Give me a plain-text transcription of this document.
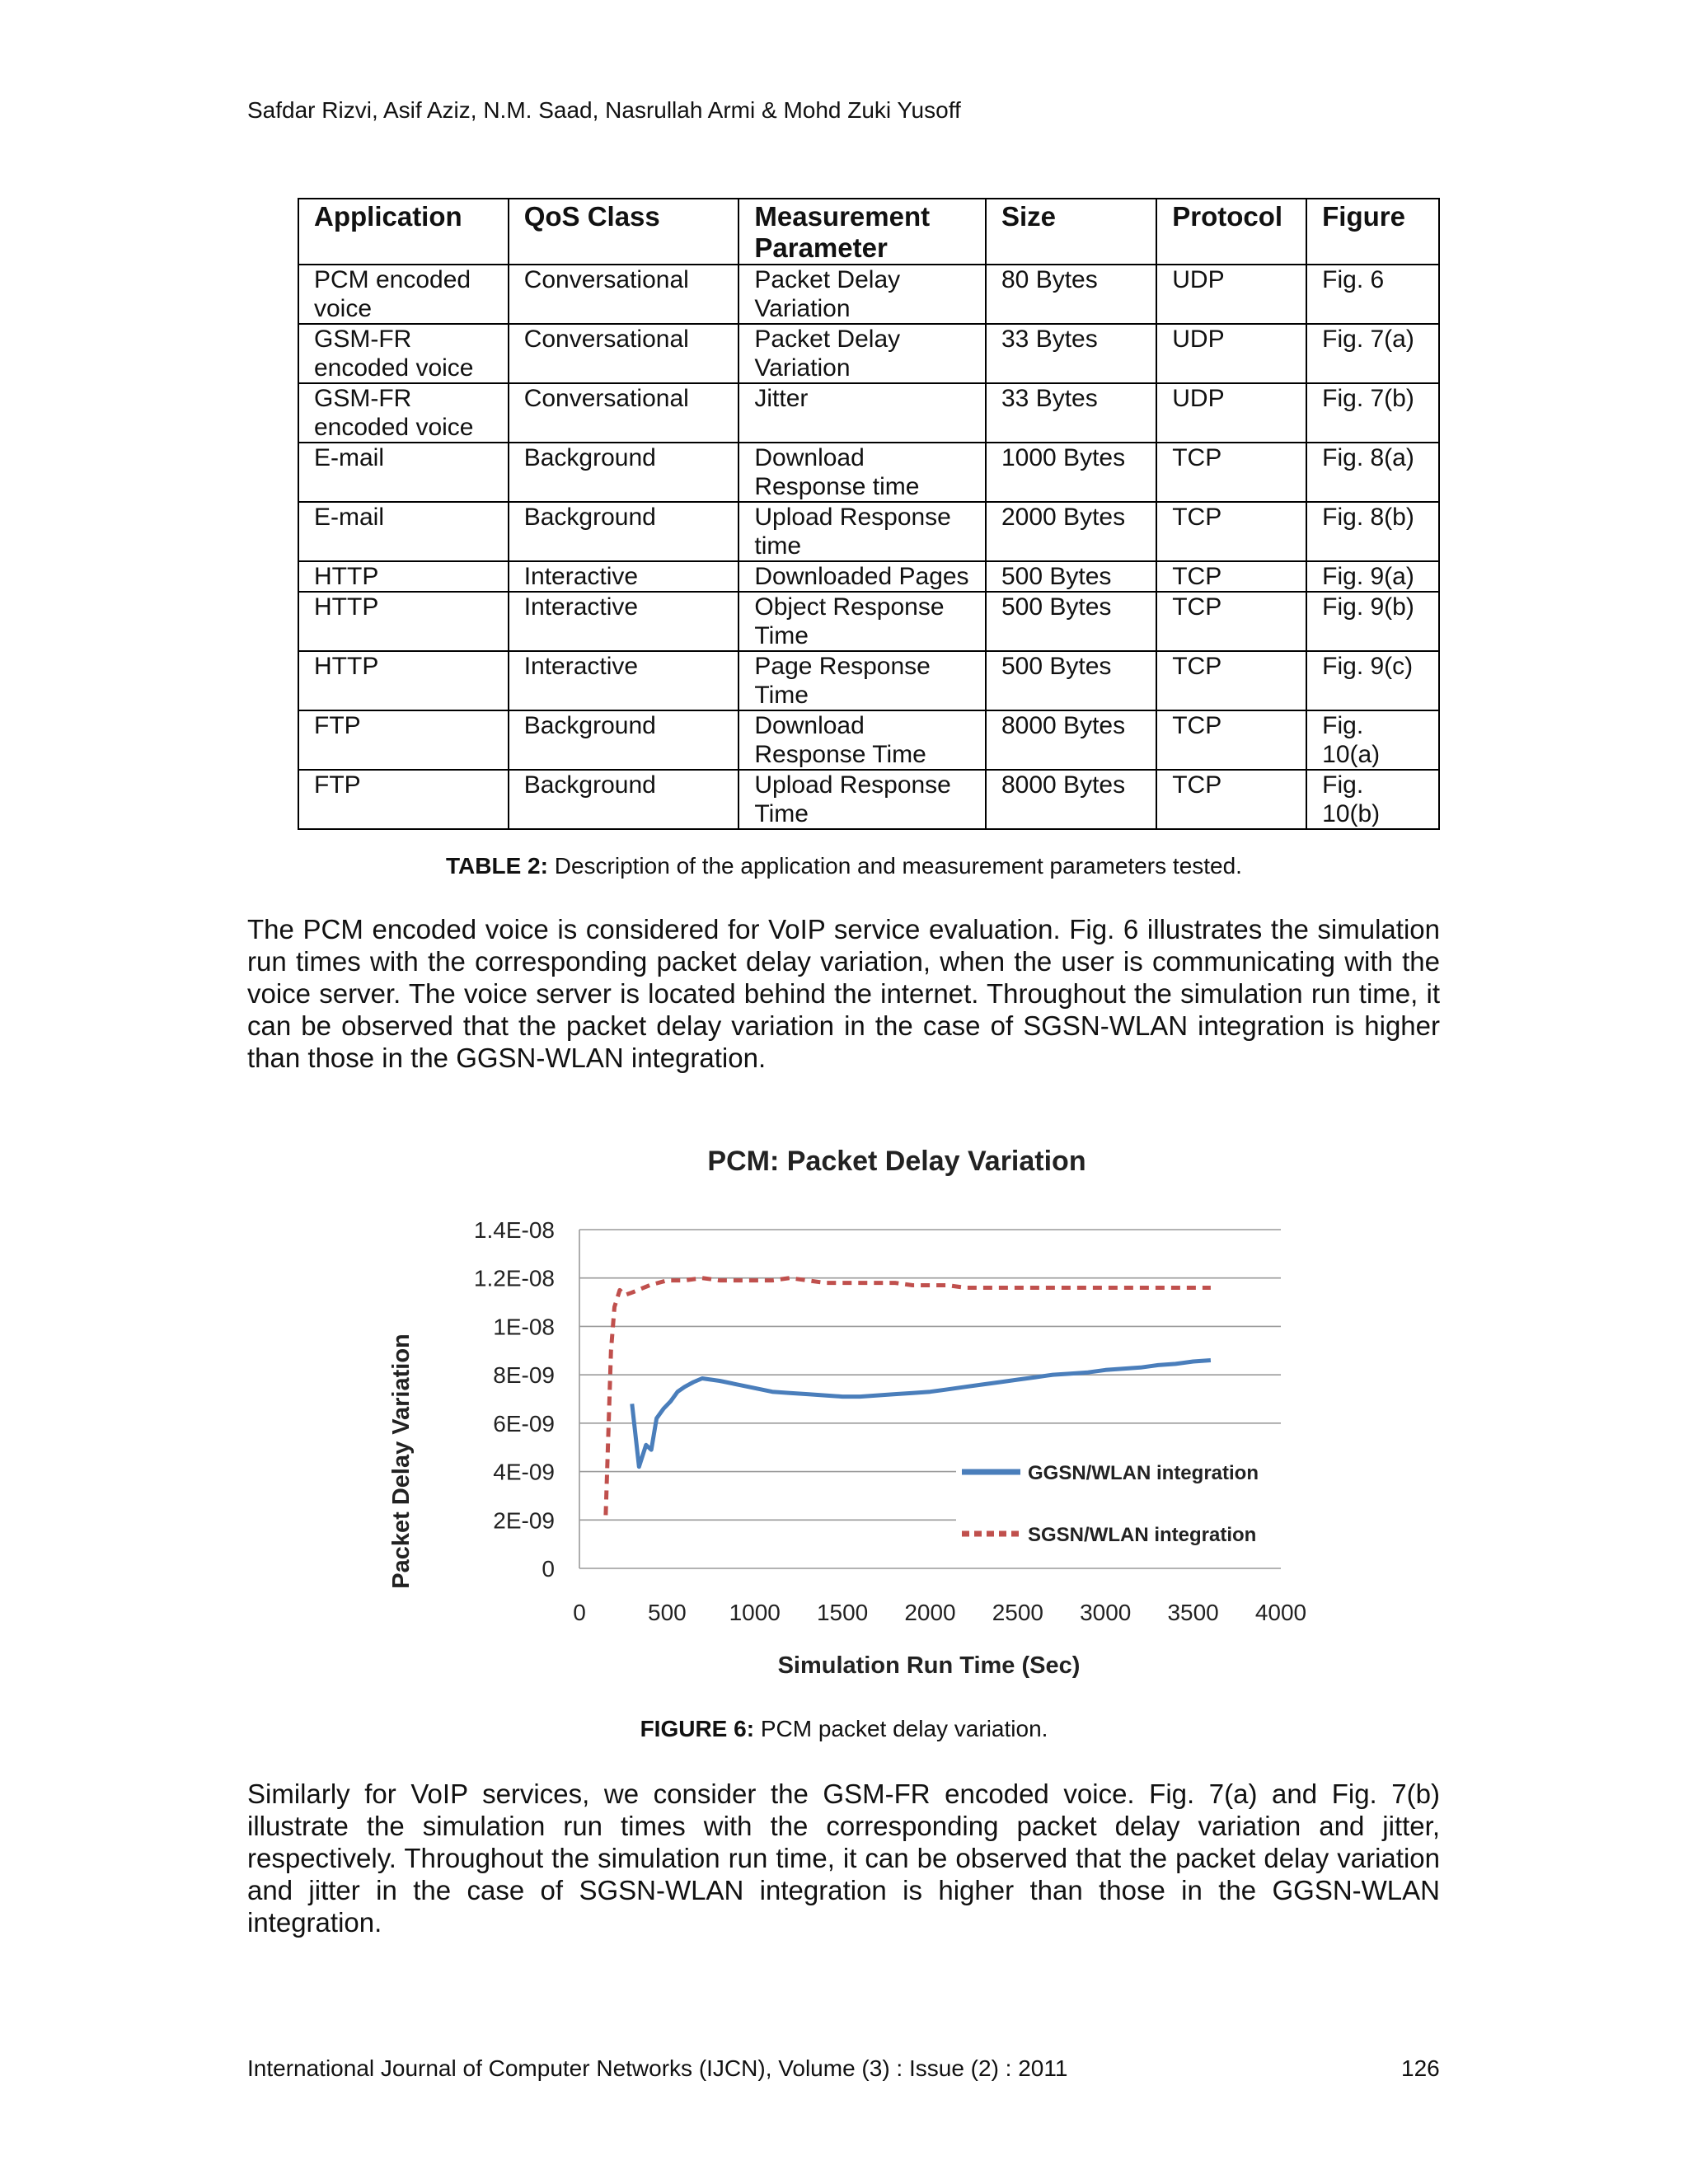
Safdar Rizvi, Asif Aziz, N.M. Saad, Nasrullah Armi & Mohd Zuki Yusoff
Application	QoS Class	Measurement Parameter	Size	Protocol	Figure
PCM encoded voice	Conversational	Packet Delay Variation	80 Bytes	UDP	Fig. 6
GSM-FR encoded voice	Conversational	Packet Delay Variation	33 Bytes	UDP	Fig. 7(a)
GSM-FR encoded voice	Conversational	Jitter	33 Bytes	UDP	Fig. 7(b)
E-mail	Background	Download Response time	1000 Bytes	TCP	Fig. 8(a)
E-mail	Background	Upload Response time	2000 Bytes	TCP	Fig. 8(b)
HTTP	Interactive	Downloaded Pages	500 Bytes	TCP	Fig. 9(a)
HTTP	Interactive	Object Response Time	500 Bytes	TCP	Fig. 9(b)
HTTP	Interactive	Page Response Time	500 Bytes	TCP	Fig. 9(c)
FTP	Background	Download Response Time	8000 Bytes	TCP	Fig. 10(a)
FTP	Background	Upload Response Time	8000 Bytes	TCP	Fig. 10(b)
TABLE 2: Description of the application and measurement parameters tested.
The PCM encoded voice is considered for VoIP service evaluation. Fig. 6 illustrates the simulation run times with the corresponding packet delay variation, when the user is communicating with the voice server. The voice server is located behind the internet. Throughout the simulation run time, it can be observed that the packet delay variation in the case of SGSN-WLAN integration is higher than those in the GGSN-WLAN integration.
PCM: Packet Delay Variation
0	500 1000 1500 2000 2500 3000 3500 4000
0
2E-09
4E-09
6E-09
8E-09
1E-08
1.2E-08
1.4E-08
GGSN/WLAN integration
SGSN/WLAN integration
Simulation Run Time (Sec)
Packet Delay Variation
FIGURE 6: PCM packet delay variation.
Similarly for VoIP services, we consider the GSM-FR encoded voice. Fig. 7(a) and Fig. 7(b) illustrate the simulation run times with the corresponding packet delay variation and jitter, respectively. Throughout the simulation run time, it can be observed that the packet delay variation and jitter in the case of SGSN-WLAN integration is higher than those in the GGSN-WLAN integration.
International Journal of Computer Networks (IJCN), Volume (3) : Issue (2) : 2011	126
